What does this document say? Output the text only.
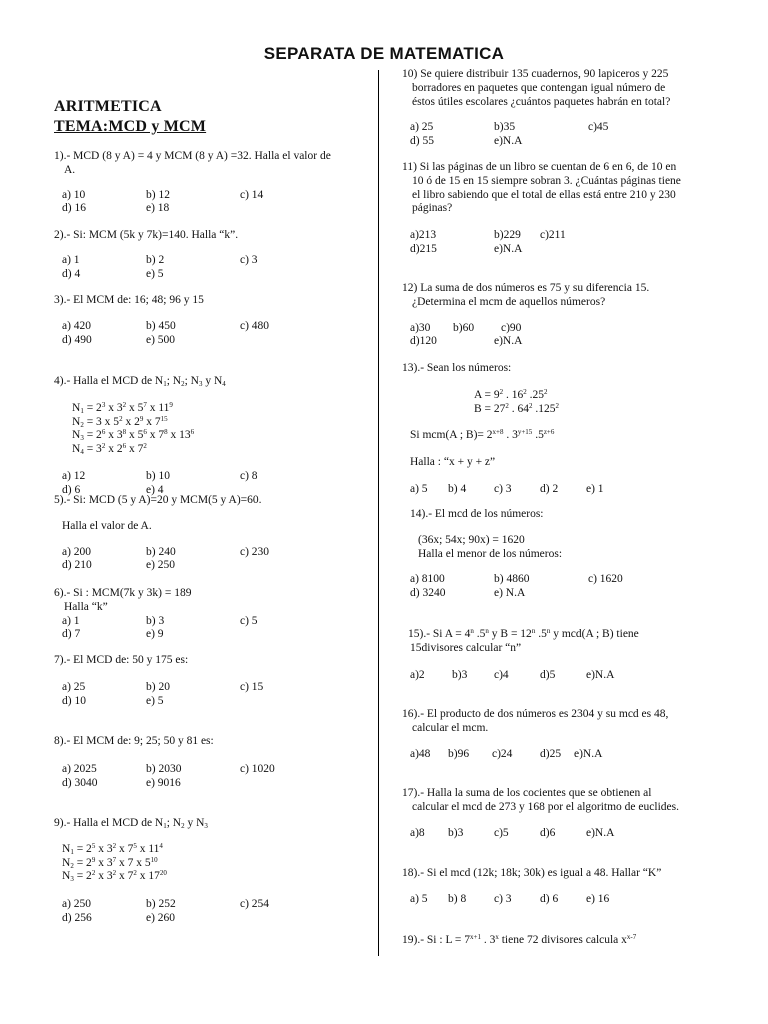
SEPARATA DE MATEMATICA
ARITMETICA
TEMA:MCD y MCM
1).- MCD (8 y A) = 4 y MCM (8 y A) =32. Halla el valor de
A.
a) 10	b) 12	c) 14
d) 16	e) 18
2).- Si: MCM (5k y 7k)=140. Halla “k”.
a) 1	b) 2	c) 3
d) 4	e) 5
3).- El MCM de: 16; 48; 96 y 15
a) 420	b) 450	c) 480
d) 490	e) 500
4).- Halla el MCD de $N_1$; $N_2$; $N_3$ y $N_4$
$N_1 = 2^3$ x $3^2$ x $5^7$ x $11^9$
$N_2 = 3$ x $5^2$ x $2^9$ x $7^{15}$
$N_3 = 2^6$ x $3^8$ x $5^6$ x $7^8$ x $13^6$
$N_4 = 3^2$ x $2^6$ x $7^2$
a) 12	b) 10	c) 8
d) 6	e) 4
5).- Si: MCD (5 y A)=20 y MCM(5 y A)=60.
Halla el valor de A.
a) 200	b) 240	c) 230
d) 210	e) 250
6).- Si : MCM(7k y 3k) = 189
Halla “k”
a) 1	b) 3	c) 5
d) 7	e) 9
7).- El MCD de: 50 y 175 es:
a) 25	b) 20	c) 15
d) 10	e) 5
8).- El MCM de: 9; 25; 50 y 81 es:
a) 2025	b) 2030	c) 1020
d) 3040	e) 9016
9).- Halla el MCD de $N_1$; $N_2$ y $N_3$
$N_1 = 2^5$ x $3^2$ x $7^5$ x $11^4$
$N_2 = 2^9$ x $3^7$ x 7 x $5^{10}$
$N_3 = 2^2$ x $3^2$ x $7^2$ x $17^{20}$
a) 250	b) 252	c) 254
d) 256	e) 260
10) Se quiere distribuir 135 cuadernos, 90 lapiceros y 225
borradores en paquetes que contengan igual número de
éstos útiles escolares ¿cuántos paquetes habrán en total?
a) 25	b)35	c)45
d) 55	e)N.A
11) Si las páginas de un libro se cuentan de 6 en 6, de 10 en
10 ó de 15 en 15 siempre sobran 3. ¿Cuántas páginas tiene
el libro sabiendo que el total de ellas está entre 210 y 230
páginas?
a)213	b)229	c)211
d)215	e)N.A
12) La suma de dos números es 75 y su diferencia 15.
¿Determina el mcm de aquellos números?
a)30	b)60	c)90
d)120	e)N.A
13).- Sean los números:
$A = 9^2$ . $16^2$ $.25^2$
$B = 27^2$ . $64^2$ .125$^2$
Si mcm(A ; $B)= 2^{x+8}$ . $3^{y+15}$ $.5^{z+6}$
Halla : “x + y + z”
a) 5	b) 4	c) 3	d) 2	e) 1
14).- El mcd de los números:
(36x; 54x; 90x) = 1620
Halla el menor de los números:
a) 8100	b) 4860	c) 1620
d) 3240	e) N.A
15).- Si $A = 4^n$ .5$^n$ y $B = 12^n$ .5$^n$ y mcd(A ; B) tiene
15divisores calcular “n”
a)2	b)3	c)4	d)5	e)N.A
16).- El producto de dos números es 2304 y su mcd es 48,
calcular el mcm.
a)48	b)96	c)24	d)25	e)N.A
17).- Halla la suma de los cocientes que se obtienen al
calcular el mcd de 273 y 168 por el algoritmo de euclides.
a)8	b)3	c)5	d)6	e)N.A
18).- Si el mcd (12k; 18k; 30k) es igual a 48. Hallar “K”
a) 5	b) 8	c) 3	d) 6	e) 16
19).- Si : $L = 7^{x+1}$ . 3$^x$ tiene 72 divisores calcula $x^{x-7}$
